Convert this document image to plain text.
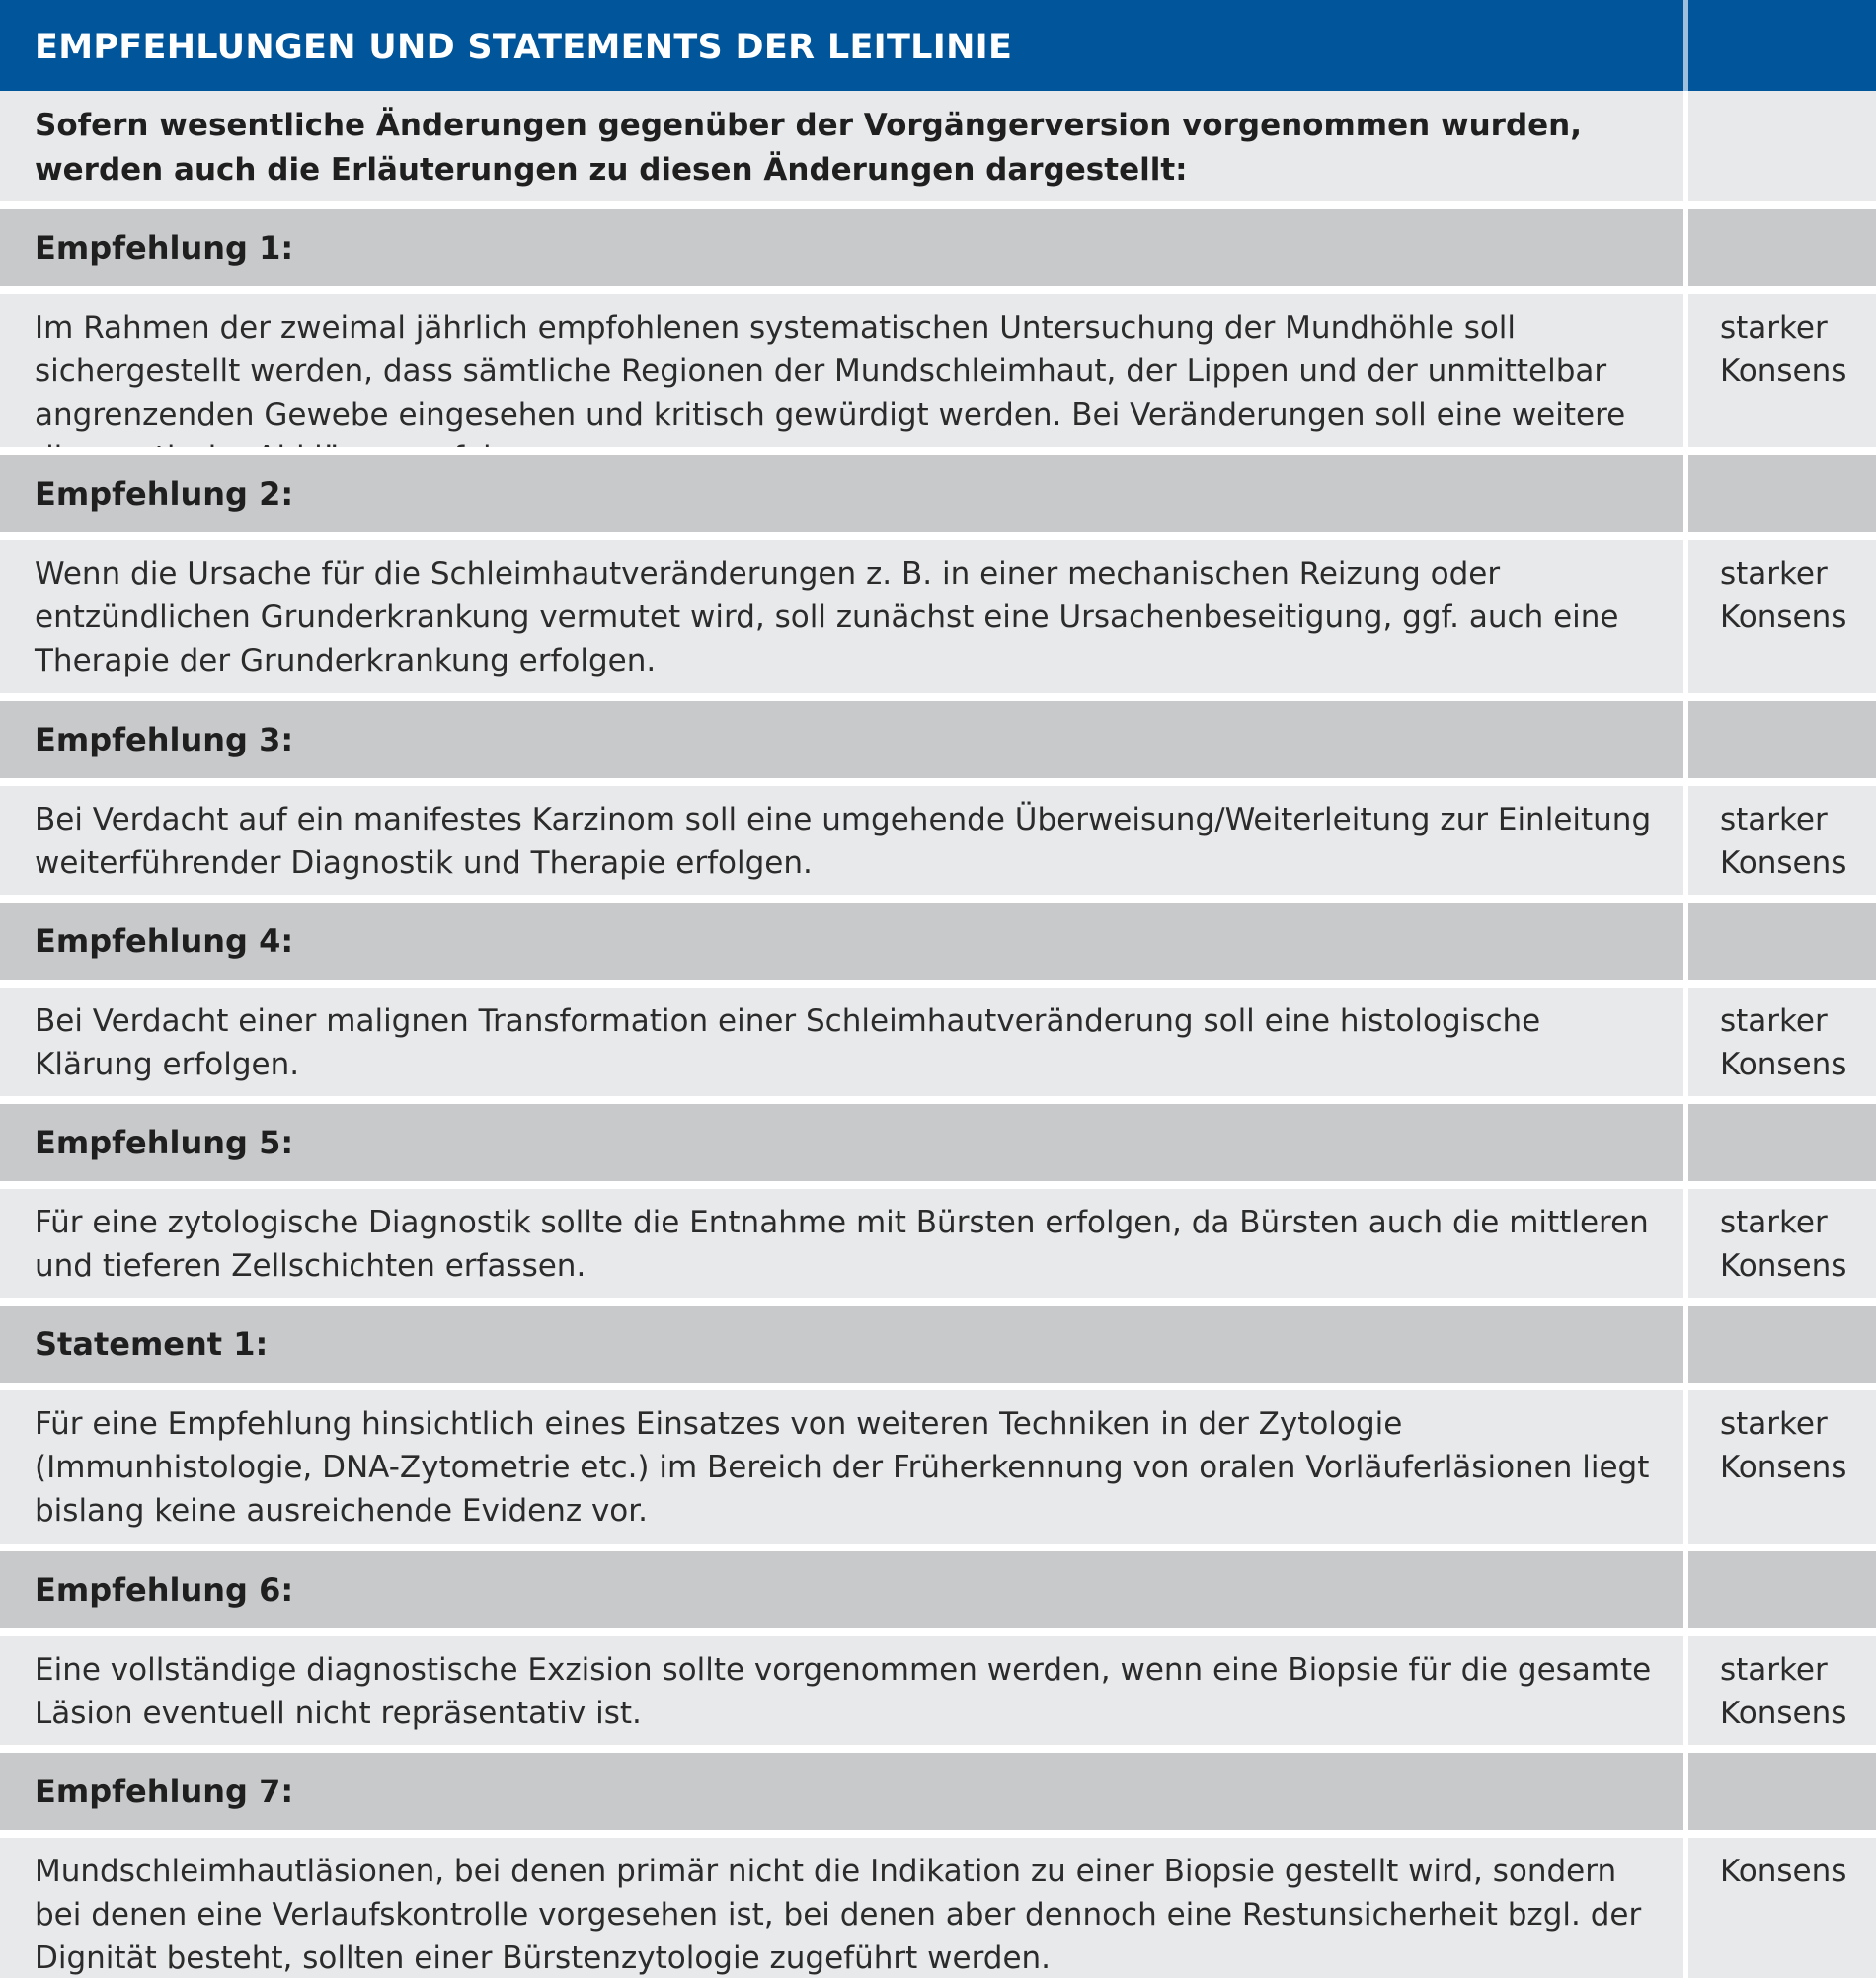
EMPFEHLUNGEN UND STATEMENTS DER LEITLINIE
Sofern wesentliche Änderungen gegenüber der Vorgängerversion vorgenommen wurden, werden auch die Erläuterungen zu diesen Änderungen dargestellt:
Empfehlung 1:
Im Rahmen der zweimal jährlich empfohlenen systematischen Untersuchung der Mundhöhle soll sichergestellt werden, dass sämtliche Regionen der Mundschleimhaut, der Lippen und der unmittelbar angrenzenden Gewebe eingesehen und kritisch gewürdigt werden. Bei Veränderungen soll eine weitere
starker
Konsens
Empfehlung 2:
Wenn die Ursache für die Schleimhautveränderungen z. B. in einer mechanischen Reizung oder entzündlichen Grunderkrankung vermutet wird, soll zunächst eine Ursachenbeseitigung, ggf. auch eine Therapie der Grunderkrankung erfolgen.
starker
Konsens
Empfehlung 3:
Bei Verdacht auf ein manifestes Karzinom soll eine umgehende Überweisung/Weiterleitung zur Einleitung weiterführender Diagnostik und Therapie erfolgen.
starker
Konsens
Empfehlung 4:
Bei Verdacht einer malignen Transformation einer Schleimhautveränderung soll eine histologische Klärung erfolgen.
starker
Konsens
Empfehlung 5:
Für eine zytologische Diagnostik sollte die Entnahme mit Bürsten erfolgen, da Bürsten auch die mittleren und tieferen Zellschichten erfassen.
starker
Konsens
Statement 1:
Für eine Empfehlung hinsichtlich eines Einsatzes von weiteren Techniken in der Zytologie (Immunhistologie, DNA-Zytometrie etc.) im Bereich der Früherkennung von oralen Vorläuferläsionen liegt bislang keine ausreichende Evidenz vor.
starker
Konsens
Empfehlung 6:
Eine vollständige diagnostische Exzision sollte vorgenommen werden, wenn eine Biopsie für die gesamte Läsion eventuell nicht repräsentativ ist.
starker
Konsens
Empfehlung 7:
Mundschleimhautläsionen, bei denen primär nicht die Indikation zu einer Biopsie gestellt wird, sondern bei denen eine Verlaufskontrolle vorgesehen ist, bei denen aber dennoch eine Restunsicherheit bzgl. der Dignität besteht, sollten einer Bürstenzytologie zugeführt werden.
Konsens
